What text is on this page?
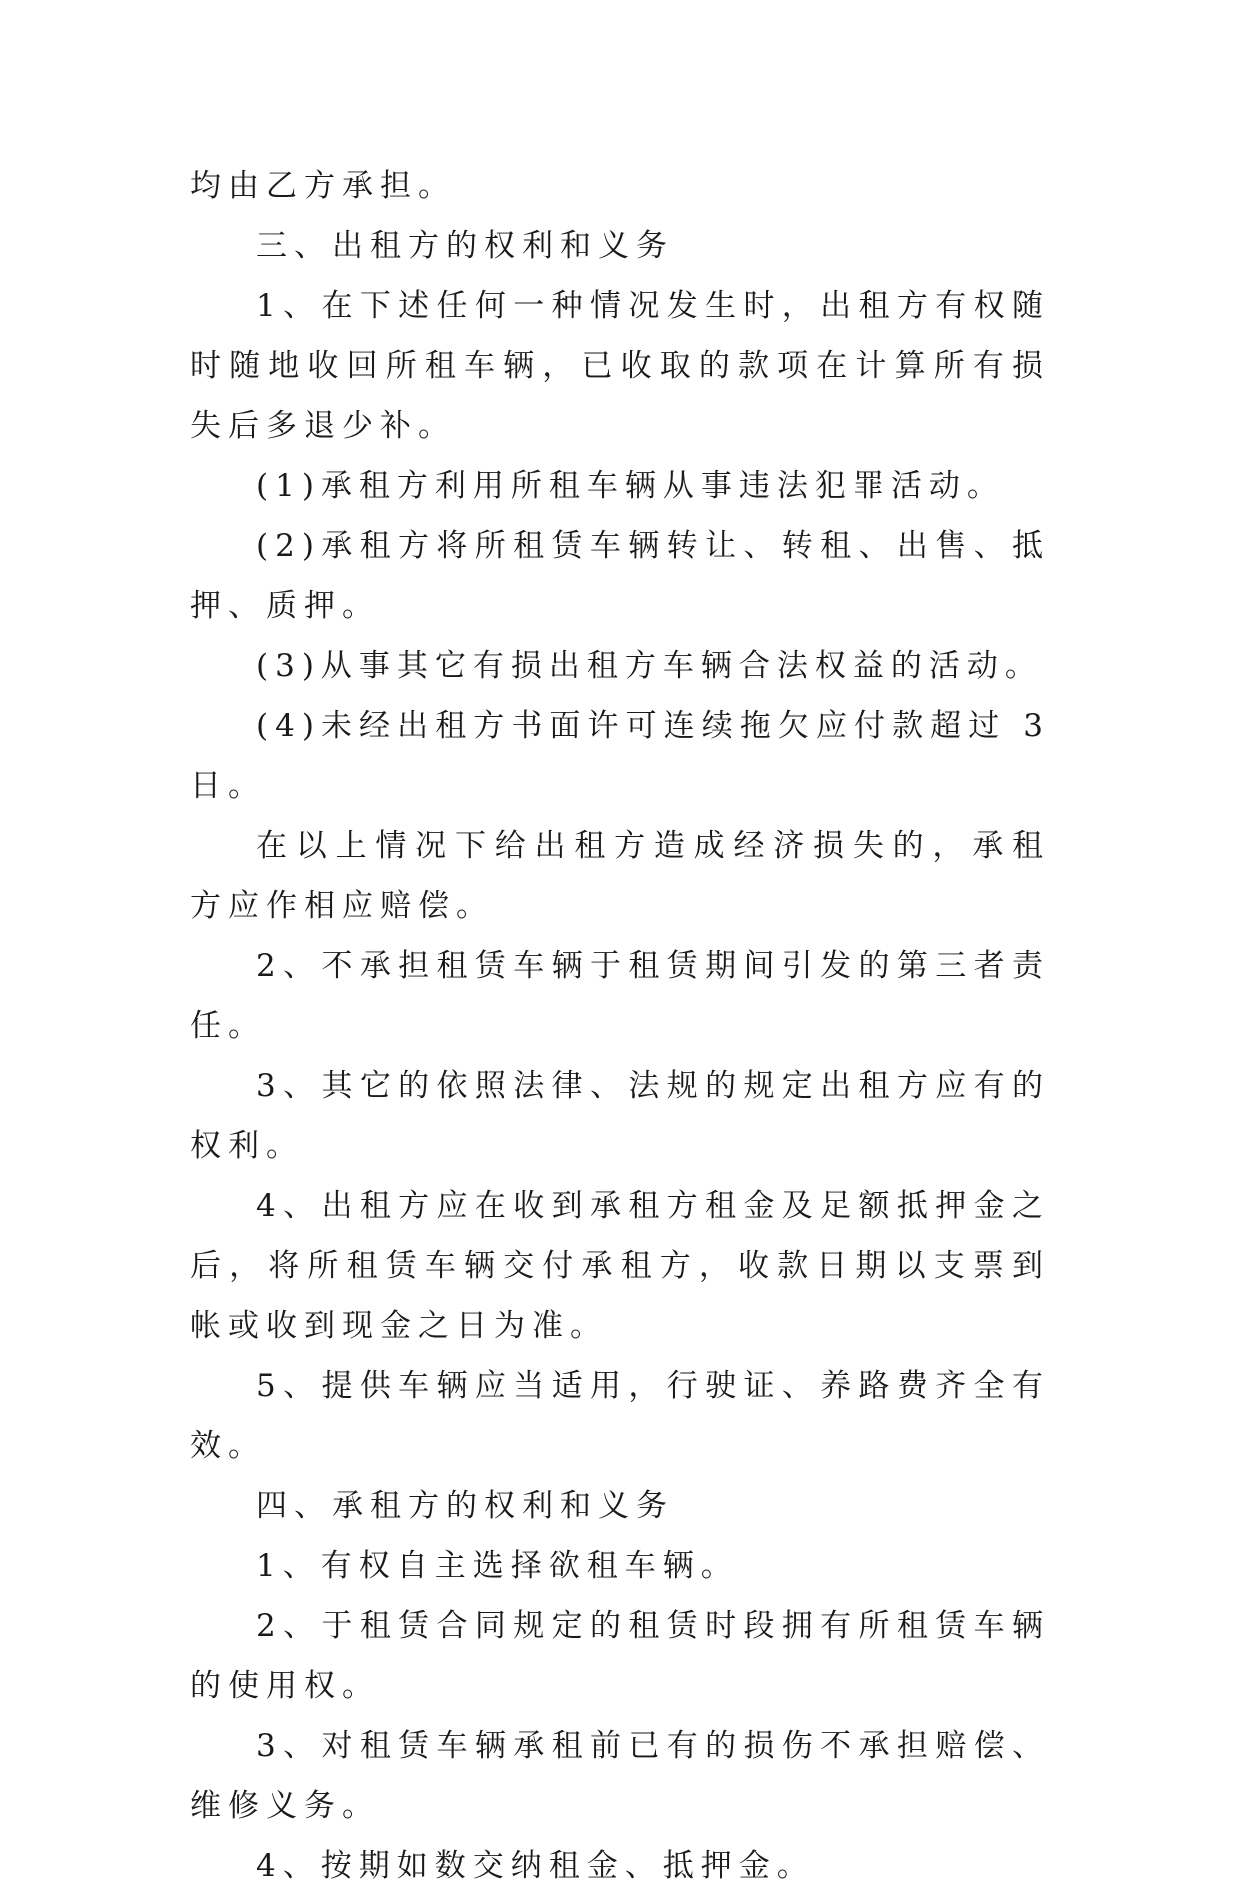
均由乙方承担。

三、出租方的权利和义务

1、在下述任何一种情况发生时，出租方有权随时随地收回所租车辆，已收取的款项在计算所有损失后多退少补。

(1)承租方利用所租车辆从事违法犯罪活动。

(2)承租方将所租赁车辆转让、转租、出售、抵押、质押。

(3)从事其它有损出租方车辆合法权益的活动。

(4)未经出租方书面许可连续拖欠应付款超过 3 日。

在以上情况下给出租方造成经济损失的，承租方应作相应赔偿。

2、不承担租赁车辆于租赁期间引发的第三者责任。

3、其它的依照法律、法规的规定出租方应有的权利。

4、出租方应在收到承租方租金及足额抵押金之后，将所租赁车辆交付承租方，收款日期以支票到帐或收到现金之日为准。

5、提供车辆应当适用，行驶证、养路费齐全有效。

四、承租方的权利和义务

1、有权自主选择欲租车辆。

2、于租赁合同规定的租赁时段拥有所租赁车辆的使用权。

3、对租赁车辆承租前已有的损伤不承担赔偿、维修义务。

4、按期如数交纳租金、抵押金。
